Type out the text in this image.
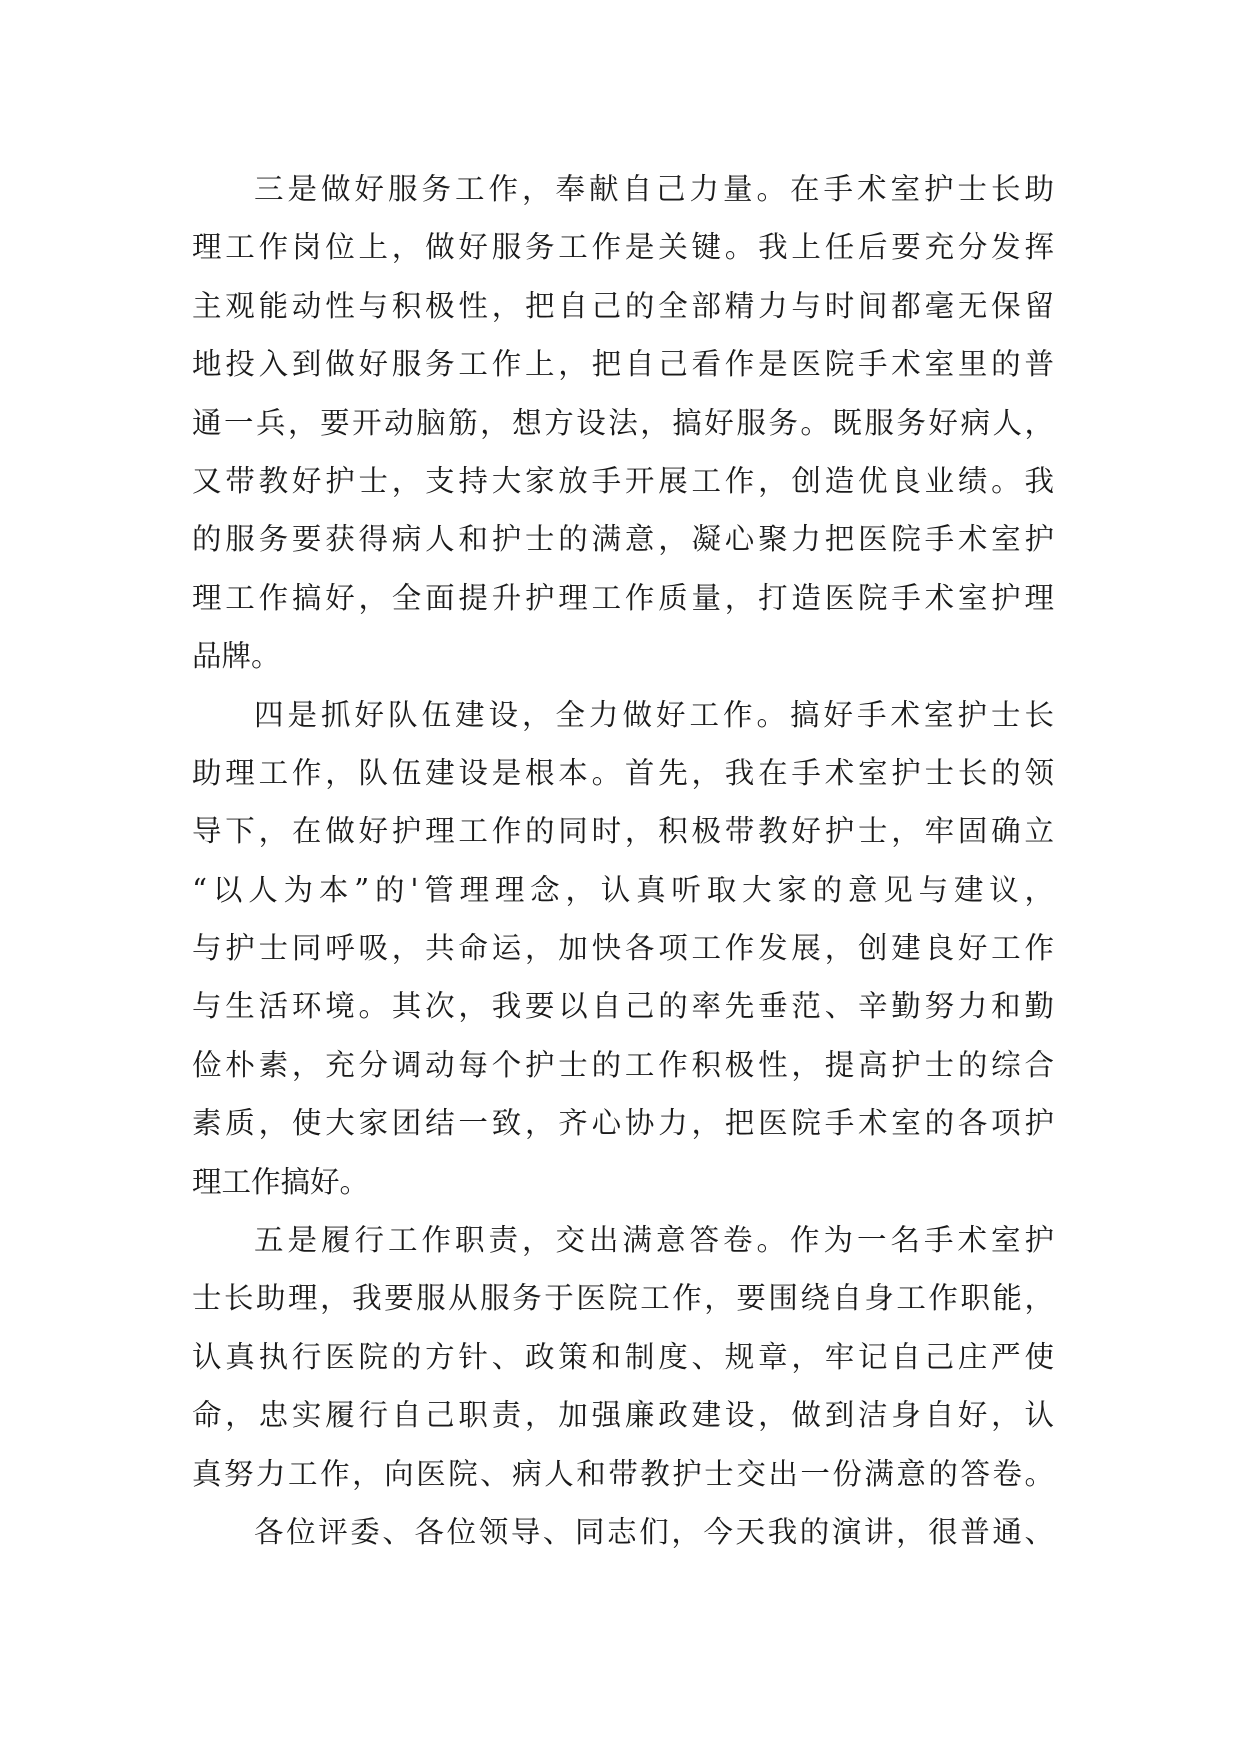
三是做好服务工作，奉献自己力量。在手术室护士长助
理工作岗位上，做好服务工作是关键。我上任后要充分发挥
主观能动性与积极性，把自己的全部精力与时间都毫无保留
地投入到做好服务工作上，把自己看作是医院手术室里的普
通一兵，要开动脑筋，想方设法，搞好服务。既服务好病人，
又带教好护士，支持大家放手开展工作，创造优良业绩。我
的服务要获得病人和护士的满意，凝心聚力把医院手术室护
理工作搞好，全面提升护理工作质量，打造医院手术室护理
品牌。
四是抓好队伍建设，全力做好工作。搞好手术室护士长
助理工作，队伍建设是根本。首先，我在手术室护士长的领
导下，在做好护理工作的同时，积极带教好护士，牢固确立
“以人为本”的'管理理念，认真听取大家的意见与建议，
与护士同呼吸，共命运，加快各项工作发展，创建良好工作
与生活环境。其次，我要以自己的率先垂范、辛勤努力和勤
俭朴素，充分调动每个护士的工作积极性，提高护士的综合
素质，使大家团结一致，齐心协力，把医院手术室的各项护
理工作搞好。
五是履行工作职责，交出满意答卷。作为一名手术室护
士长助理，我要服从服务于医院工作，要围绕自身工作职能，
认真执行医院的方针、政策和制度、规章，牢记自己庄严使
命，忠实履行自己职责，加强廉政建设，做到洁身自好，认
真努力工作，向医院、病人和带教护士交出一份满意的答卷。
各位评委、各位领导、同志们，今天我的演讲，很普通、
